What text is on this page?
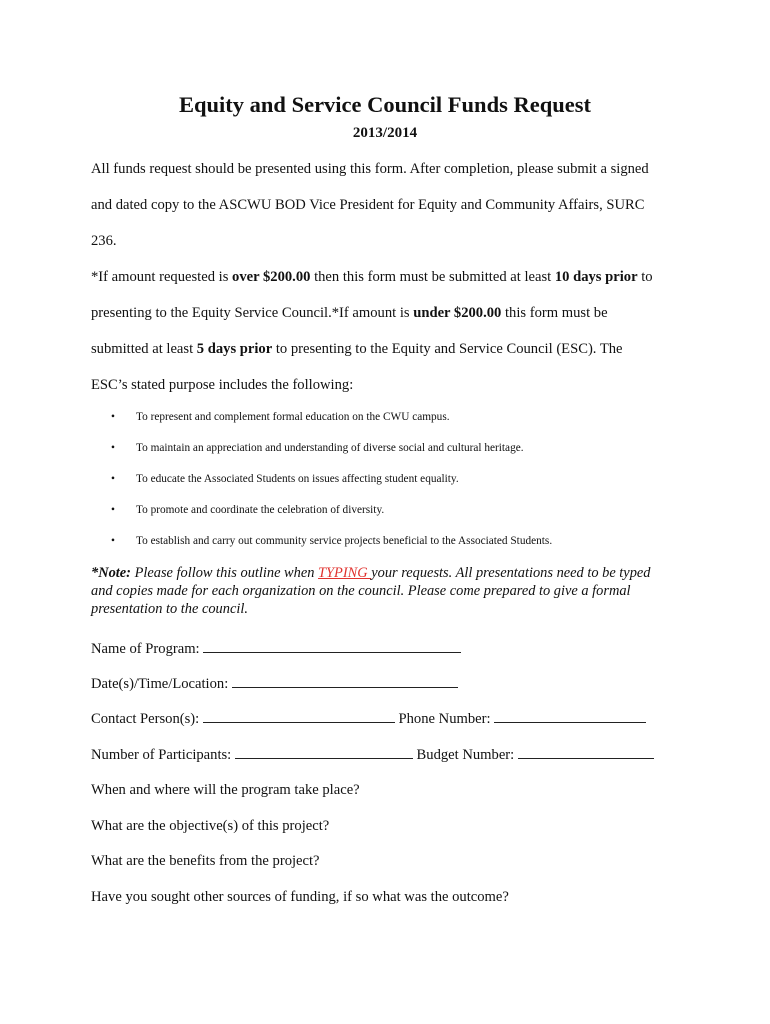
Equity and Service Council Funds Request
2013/2014

All funds request should be presented using this form. After completion, please submit a signed

and dated copy to the ASCWU BOD Vice President for Equity and Community Affairs, SURC

236.

*If amount requested is over $200.00 then this form must be submitted at least 10 days prior to

presenting to the Equity Service Council.*If amount is under $200.00 this form must be

submitted at least 5 days prior to presenting to the Equity and Service Council (ESC). The

ESC’s stated purpose includes the following:

• To represent and complement formal education on the CWU campus.
• To maintain an appreciation and understanding of diverse social and cultural heritage.
• To educate the Associated Students on issues affecting student equality.
• To promote and coordinate the celebration of diversity.
• To establish and carry out community service projects beneficial to the Associated Students.

*Note: Please follow this outline when TYPING your requests. All presentations need to be typed

and copies made for each organization on the council. Please come prepared to give a formal

presentation to the council.

Name of Program:

Date(s)/Time/Location:

Contact Person(s):	Phone Number:

Number of Participants:	Budget Number:

When and where will the program take place?

What are the objective(s) of this project?

What are the benefits from the project?

Have you sought other sources of funding, if so what was the outcome?
